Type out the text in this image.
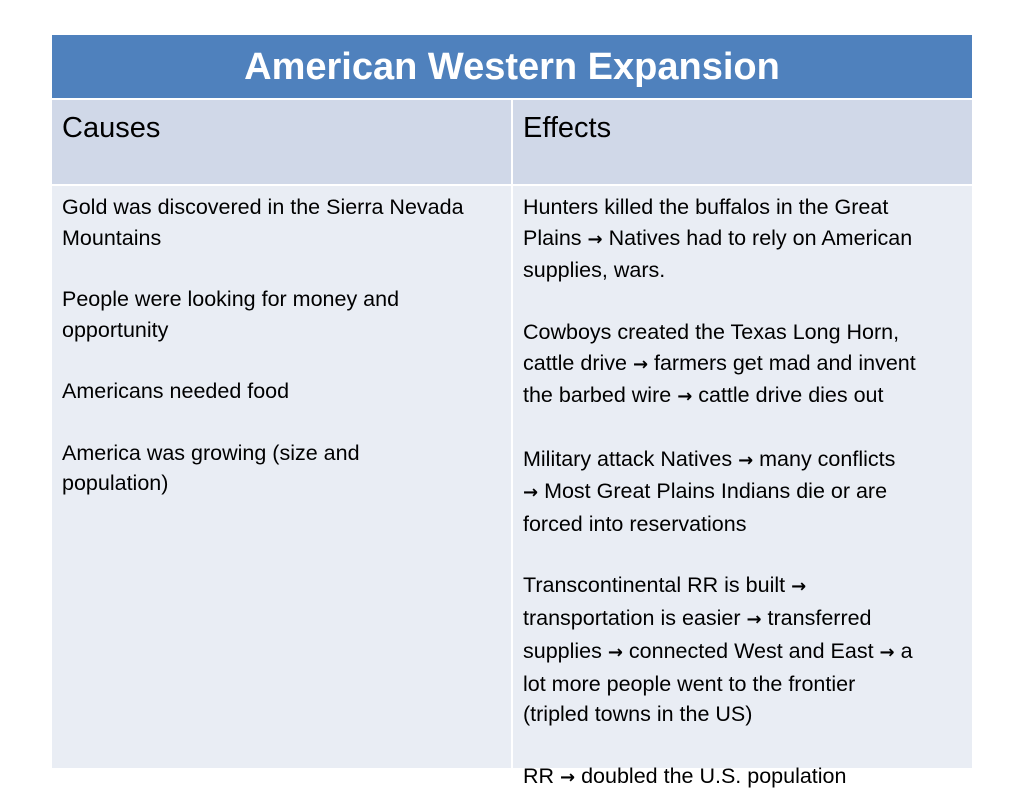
American Western Expansion
Causes	Effects
Gold was discovered in the Sierra Nevada
Mountains
People were looking for money and
opportunity
Americans needed food
America was growing (size and
population)
Hunters killed the buffalos in the Great
Plains → Natives had to rely on American
supplies, wars.
Cowboys created the Texas Long Horn,
cattle drive → farmers get mad and invent
the barbed wire → cattle drive dies out
Military attack Natives → many conflicts
→ Most Great Plains Indians die or are
forced into reservations
Transcontinental RR is built →
transportation is easier → transferred
supplies → connected West and East → a
lot more people went to the frontier
(tripled towns in the US)
RR → doubled the U.S. population
